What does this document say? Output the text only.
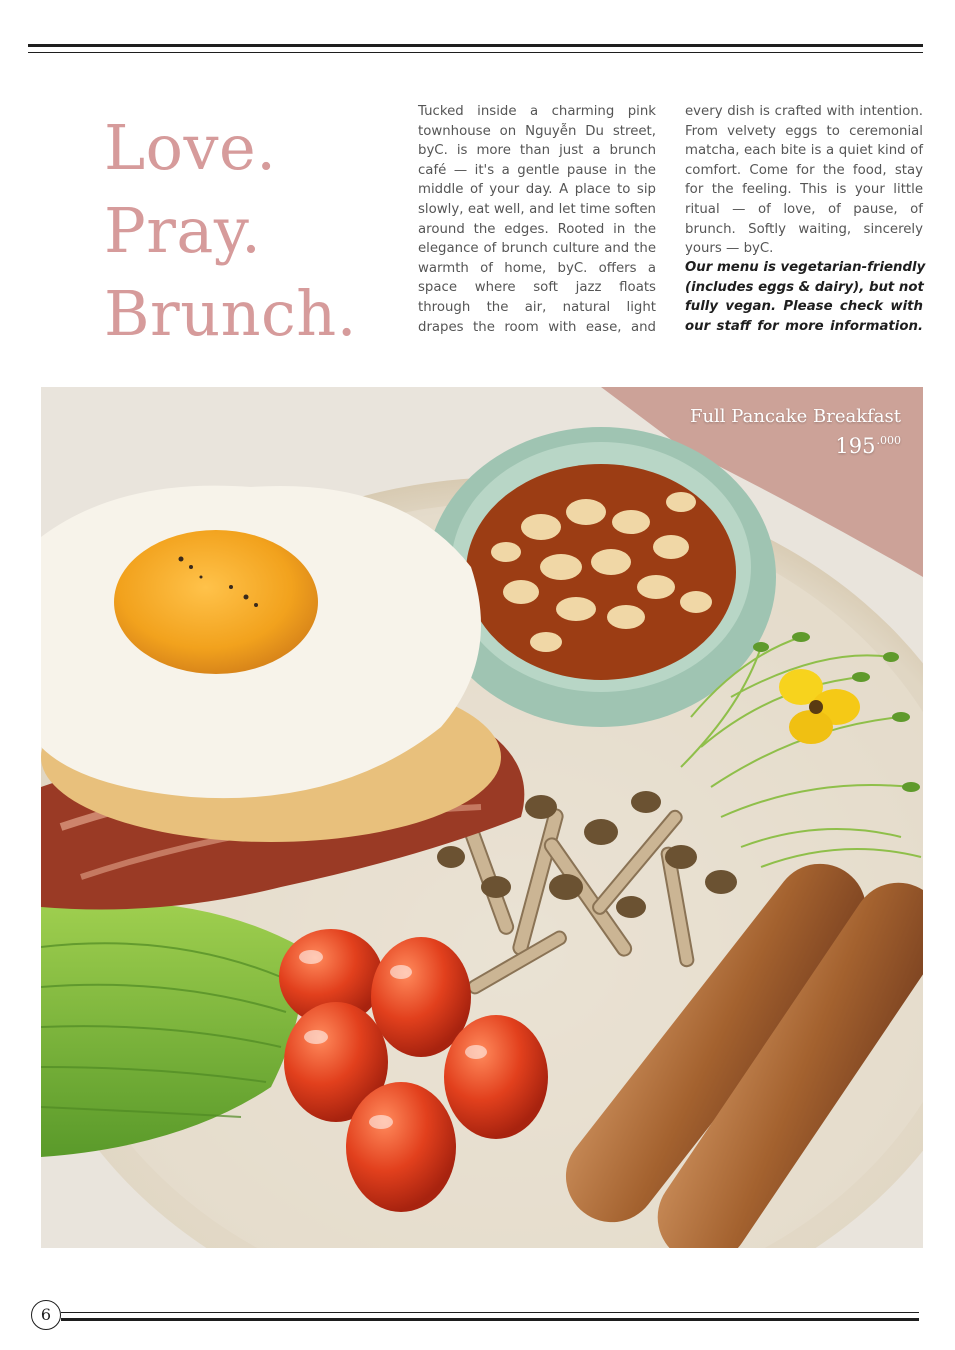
Love.
Pray.
Brunch.
Tucked inside a charming pink
townhouse on Nguyễn Du street,
byC. is more than just a brunch
café — it's a gentle pause in the
middle of your day. A place to sip
slowly, eat well, and let time soften
around the edges. Rooted in the
elegance of brunch culture and the
warmth of home, byC. offers a
space where soft jazz floats
through the air, natural light
drapes the room with ease, and
every dish is crafted with intention.
From velvety eggs to ceremonial
matcha, each bite is a quiet kind of
comfort. Come for the food, stay
for the feeling. This is your little
ritual — of love, of pause, of
brunch. Softly waiting, sincerely
yours — byC.
Our menu is vegetarian-friendly
(includes eggs & dairy), but not
fully vegan. Please check with
our staff for more information.
Full Pancake Breakfast
$195^{.000}$
6
